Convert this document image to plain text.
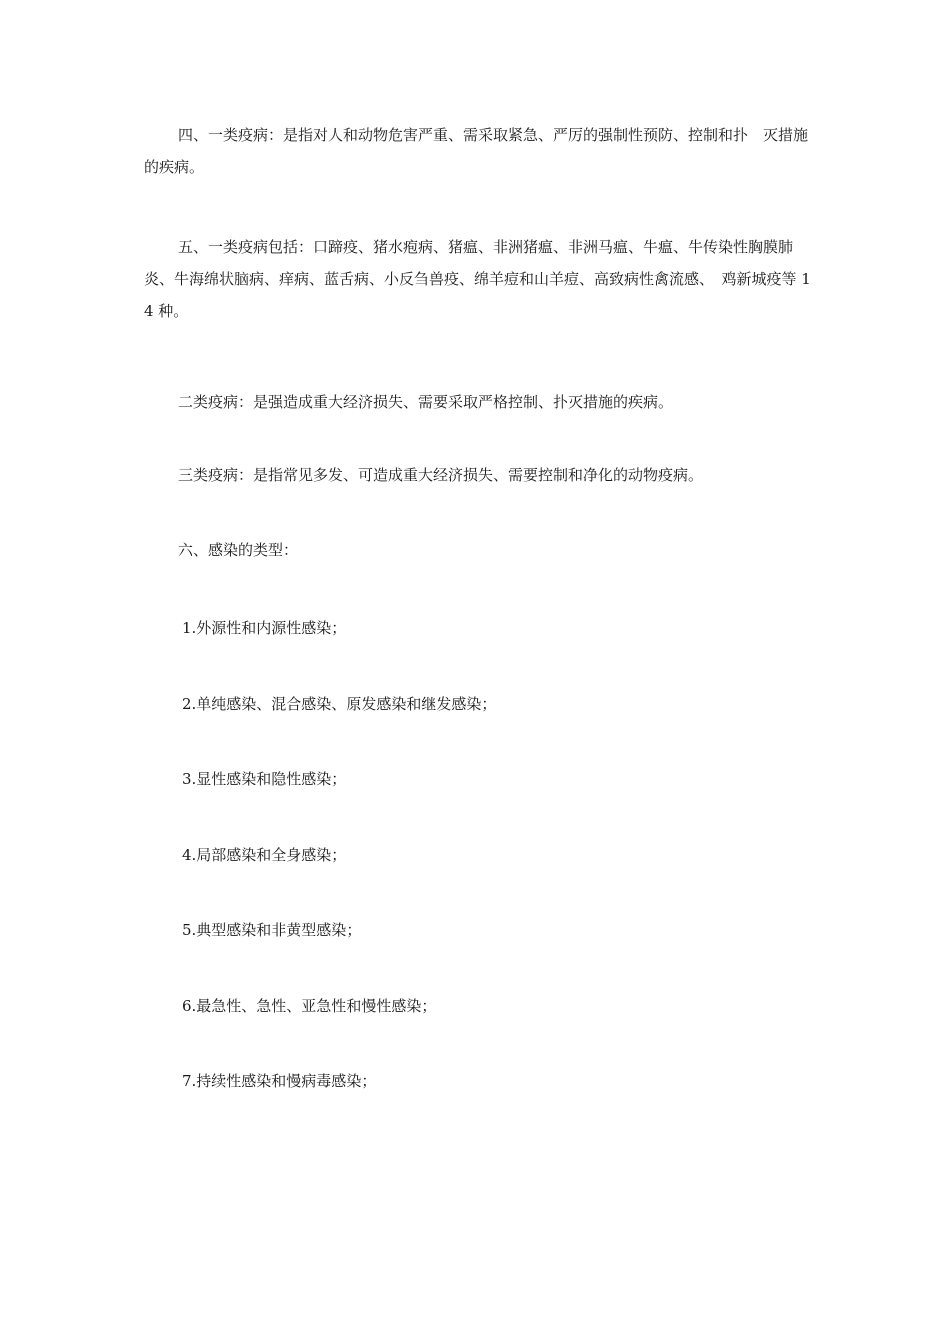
四、一类疫病：是指对人和动物危害严重、需采取紧急、严厉的强制性预防、控制和扑　灭措施的疾病。

五、一类疫病包括：口蹄疫、猪水疱病、猪瘟、非洲猪瘟、非洲马瘟、牛瘟、牛传染性胸膜肺炎、牛海绵状脑病、痒病、蓝舌病、小反刍兽疫、绵羊痘和山羊痘、高致病性禽流感、　鸡新城疫等 14 种。

二类疫病：是强造成重大经济损失、需要采取严格控制、扑灭措施的疾病。

三类疫病：是指常见多发、可造成重大经济损失、需要控制和净化的动物疫病。

六、感染的类型：

1.外源性和内源性感染；

2.单纯感染、混合感染、原发感染和继发感染；

3.显性感染和隐性感染；

4.局部感染和全身感染；

5.典型感染和非黄型感染；

6.最急性、急性、亚急性和慢性感染；

7.持续性感染和慢病毒感染；
